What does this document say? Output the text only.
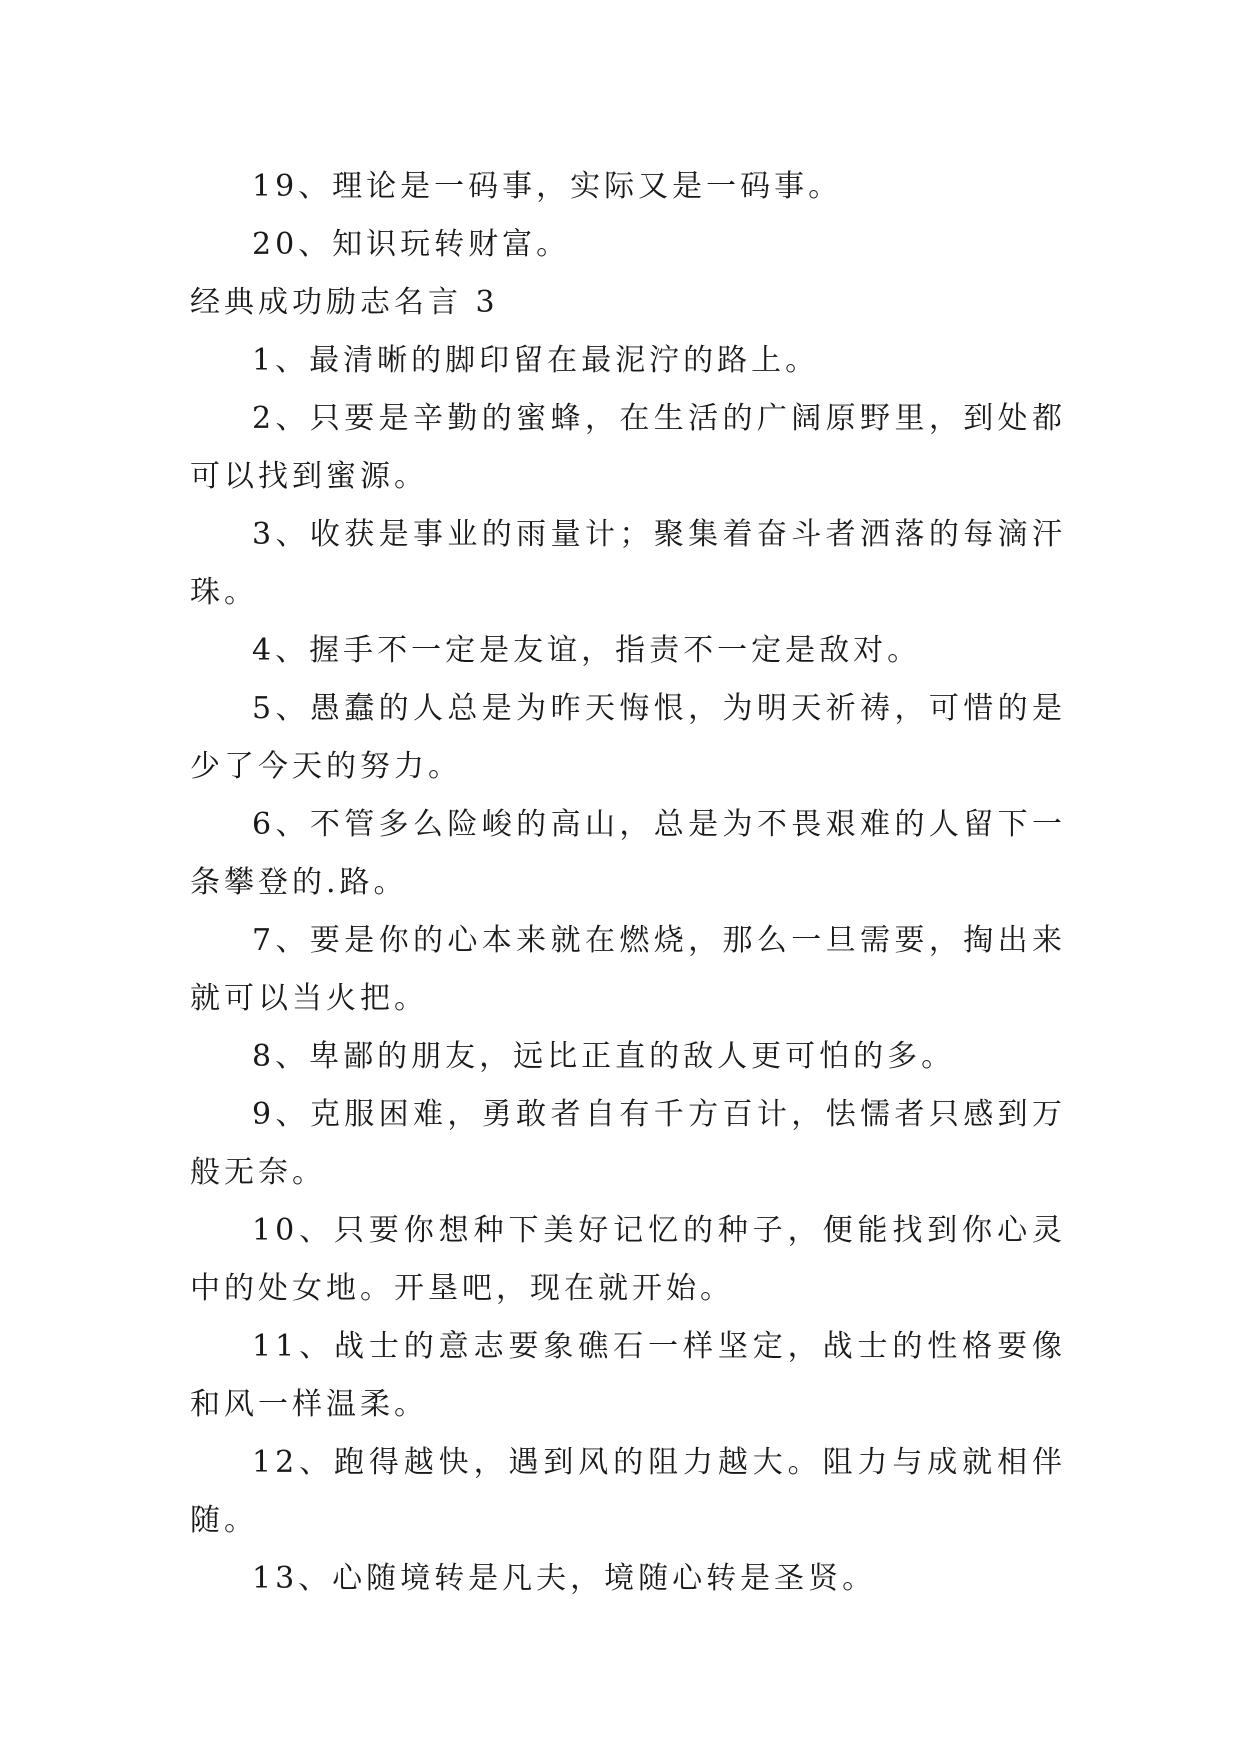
19、理论是一码事，实际又是一码事。

20、知识玩转财富。

经典成功励志名言 3

1、最清晰的脚印留在最泥泞的路上。

2、只要是辛勤的蜜蜂，在生活的广阔原野里，到处都可以找到蜜源。

3、收获是事业的雨量计；聚集着奋斗者洒落的每滴汗珠。

4、握手不一定是友谊，指责不一定是敌对。

5、愚蠢的人总是为昨天悔恨，为明天祈祷，可惜的是少了今天的努力。

6、不管多么险峻的高山，总是为不畏艰难的人留下一条攀登的.路。

7、要是你的心本来就在燃烧，那么一旦需要，掏出来就可以当火把。

8、卑鄙的朋友，远比正直的敌人更可怕的多。

9、克服困难，勇敢者自有千方百计，怯懦者只感到万般无奈。

10、只要你想种下美好记忆的种子，便能找到你心灵中的处女地。开垦吧，现在就开始。

11、战士的意志要象礁石一样坚定，战士的性格要像和风一样温柔。

12、跑得越快，遇到风的阻力越大。阻力与成就相伴随。

13、心随境转是凡夫，境随心转是圣贤。
